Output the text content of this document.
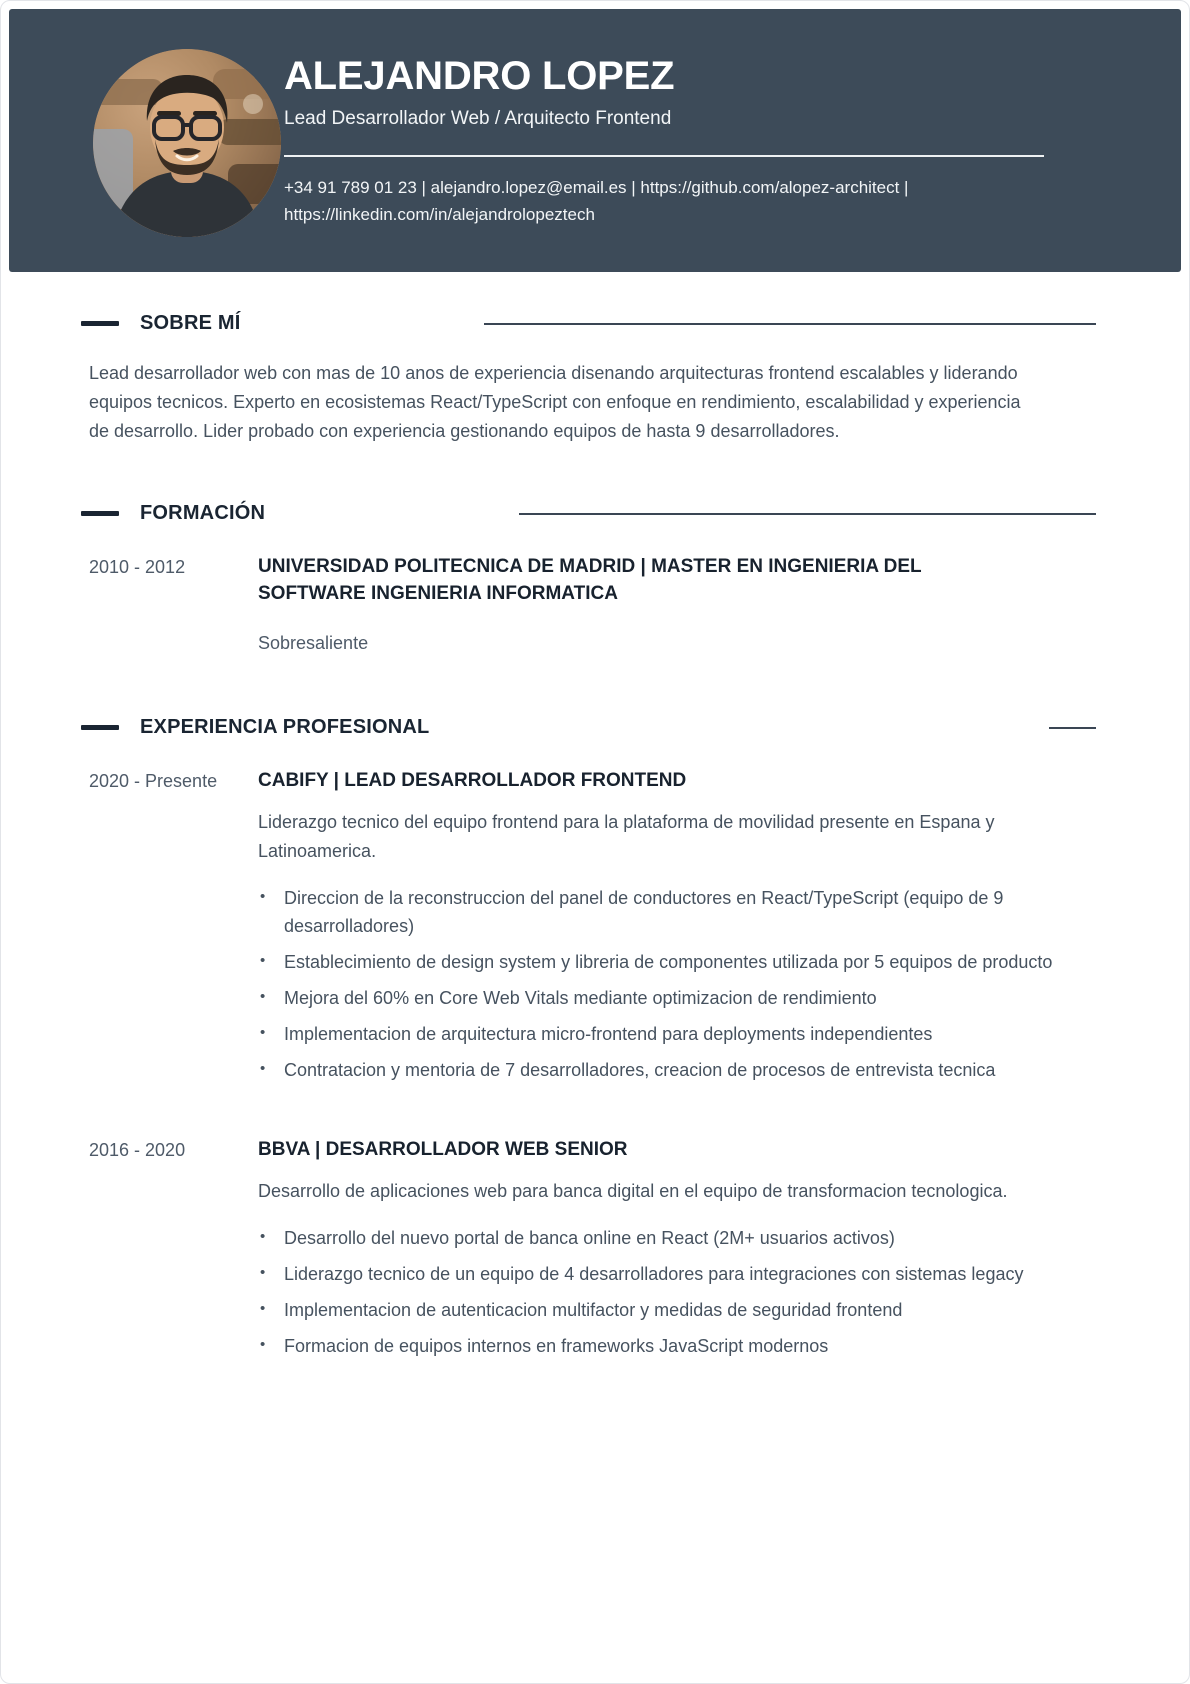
ALEJANDRO LOPEZ
Lead Desarrollador Web / Arquitecto Frontend
+34 91 789 01 23 | alejandro.lopez@email.es | https://github.com/alopez-architect |
https://linkedin.com/in/alejandrolopeztech
SOBRE MÍ

Lead desarrollador web con mas de 10 anos de experiencia disenando arquitecturas frontend escalables y liderando equipos tecnicos. Experto en ecosistemas React/TypeScript con enfoque en rendimiento, escalabilidad y experiencia de desarrollo. Lider probado con experiencia gestionando equipos de hasta 9 desarrolladores.

FORMACIÓN
2010 - 2012	UNIVERSIDAD POLITECNICA DE MADRID | MASTER EN INGENIERIA DEL SOFTWARE INGENIERIA INFORMATICA
Sobresaliente
EXPERIENCIA PROFESIONAL
2020 - Presente	CABIFY | LEAD DESARROLLADOR FRONTEND
Liderazgo tecnico del equipo frontend para la plataforma de movilidad presente en Espana y Latinoamerica.
•	Direccion de la reconstruccion del panel de conductores en React/TypeScript (equipo de 9 desarrolladores)
•	Establecimiento de design system y libreria de componentes utilizada por 5 equipos de producto
•	Mejora del 60% en Core Web Vitals mediante optimizacion de rendimiento
•	Implementacion de arquitectura micro-frontend para deployments independientes
•	Contratacion y mentoria de 7 desarrolladores, creacion de procesos de entrevista tecnica
2016 - 2020	BBVA | DESARROLLADOR WEB SENIOR
Desarrollo de aplicaciones web para banca digital en el equipo de transformacion tecnologica.
•	Desarrollo del nuevo portal de banca online en React (2M+ usuarios activos)
•	Liderazgo tecnico de un equipo de 4 desarrolladores para integraciones con sistemas legacy
•	Implementacion de autenticacion multifactor y medidas de seguridad frontend
•	Formacion de equipos internos en frameworks JavaScript modernos
